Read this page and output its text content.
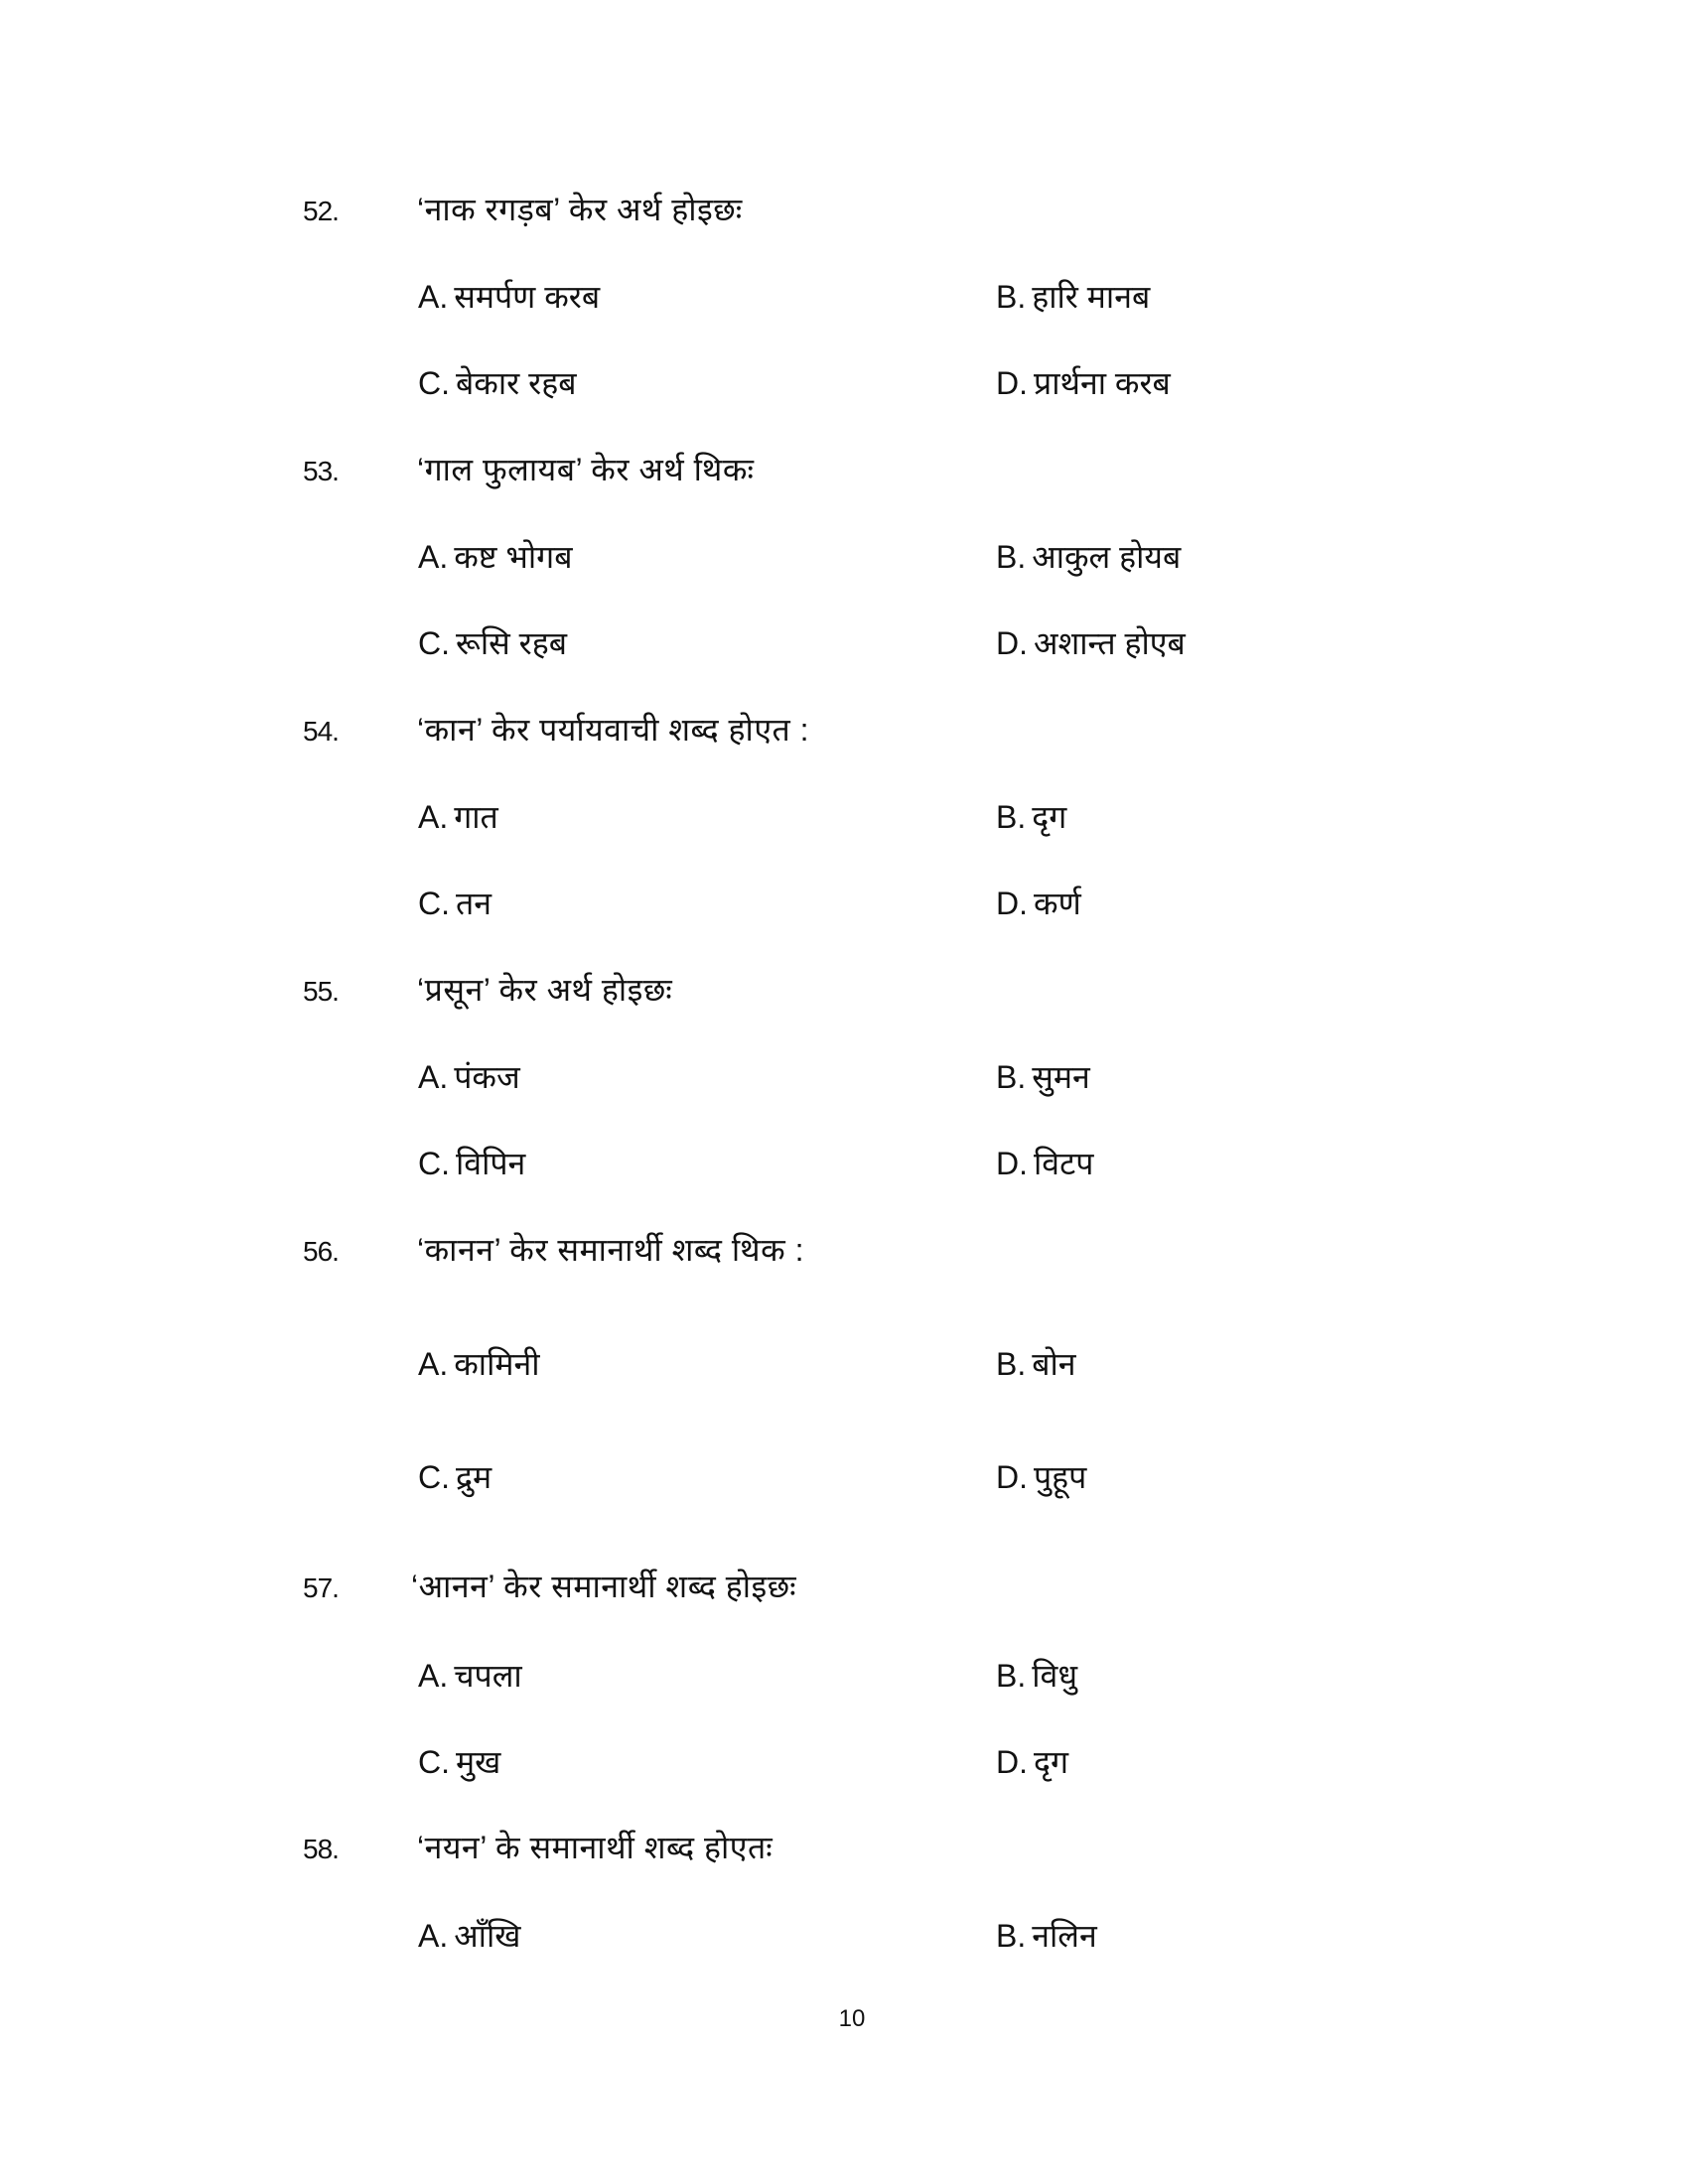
52. ‘नाक रगड़ब’ केर अर्थ होइछः
A. समर्पण करब	B. हारि मानब
C. बेकार रहब	D. प्रार्थना करब
53. ‘गाल फुलायब’ केर अर्थ थिकः
A. कष्ट भोगब	B. आकुल होयब
C. रूसि रहब	D. अशान्त होएब
54. ‘कान’ केर पर्यायवाची शब्द होएत :
A. गात	B. दृग
C. तन	D. कर्ण
55. ‘प्रसून’ केर अर्थ होइछः
A. पंकज	B. सुमन
C. विपिन	D. विटप
56. ‘कानन’ केर समानार्थी शब्द थिक :
A. कामिनी	B. बोन
C. द्रुम	D. पुहूप
57. ‘आनन’ केर समानार्थी शब्द होइछः
A. चपला	B. विधु
C. मुख	D. दृग
58. ‘नयन’ के समानार्थी शब्द होएतः
A. आँखि	B. नलिन
10
